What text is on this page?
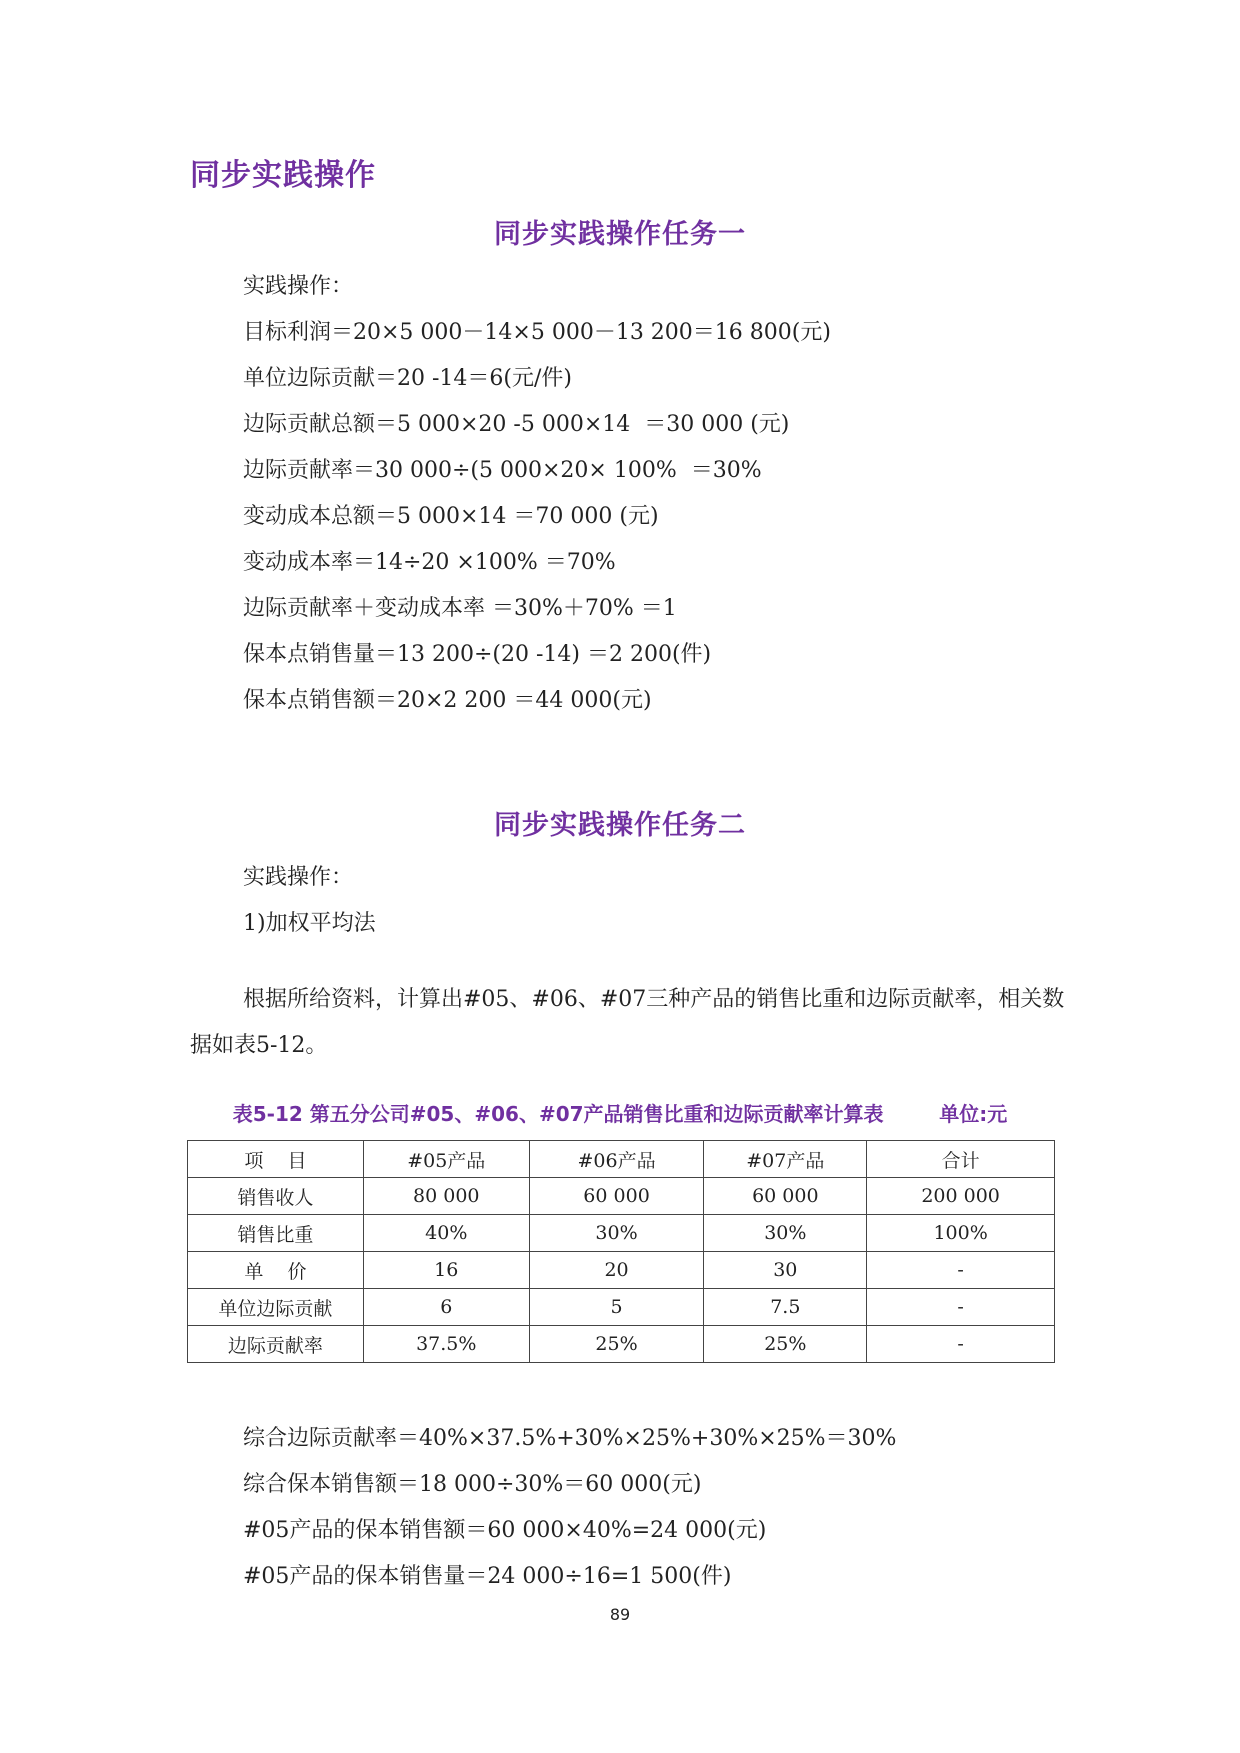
同步实践操作
同步实践操作任务一
实践操作：
目标利润＝20×5 000－14×5 000－13 200＝16 800(元)
单位边际贡献＝20 -14＝6(元/件)
边际贡献总额＝5 000×20 -5 000×14  ＝30 000 (元)
边际贡献率＝30 000÷(5 000×20× 100%  ＝30%
变动成本总额＝5 000×14 ＝70 000 (元)
变动成本率＝14÷20 ×100% ＝70%
边际贡献率＋变动成本率 ＝30%＋70% ＝1
保本点销售量＝13 200÷(20 -14) ＝2 200(件)
保本点销售额＝20×2 200 ＝44 000(元)
同步实践操作任务二
实践操作：
1)加权平均法

根据所给资料，计算出#05、#06、#07三种产品的销售比重和边际贡献率，相关数据如表5-12。

表5-12 第五分公司#05、#06、#07产品销售比重和边际贡献率计算表	单位:元
项    目	#05产品	#06产品	#07产品	合计
销售收人	80 000	60 000	60 000	200 000
销售比重	40%	30%	30%	100%
单    价	16	20	30	-
单位边际贡献	6	5	7.5	-
边际贡献率	37.5%	25%	25%	-
综合边际贡献率＝40%×37.5%+30%×25%+30%×25%＝30%
综合保本销售额＝18 000÷30%＝60 000(元)
#05产品的保本销售额＝60 000×40%=24 000(元)
#05产品的保本销售量＝24 000÷16=1 500(件)
89
